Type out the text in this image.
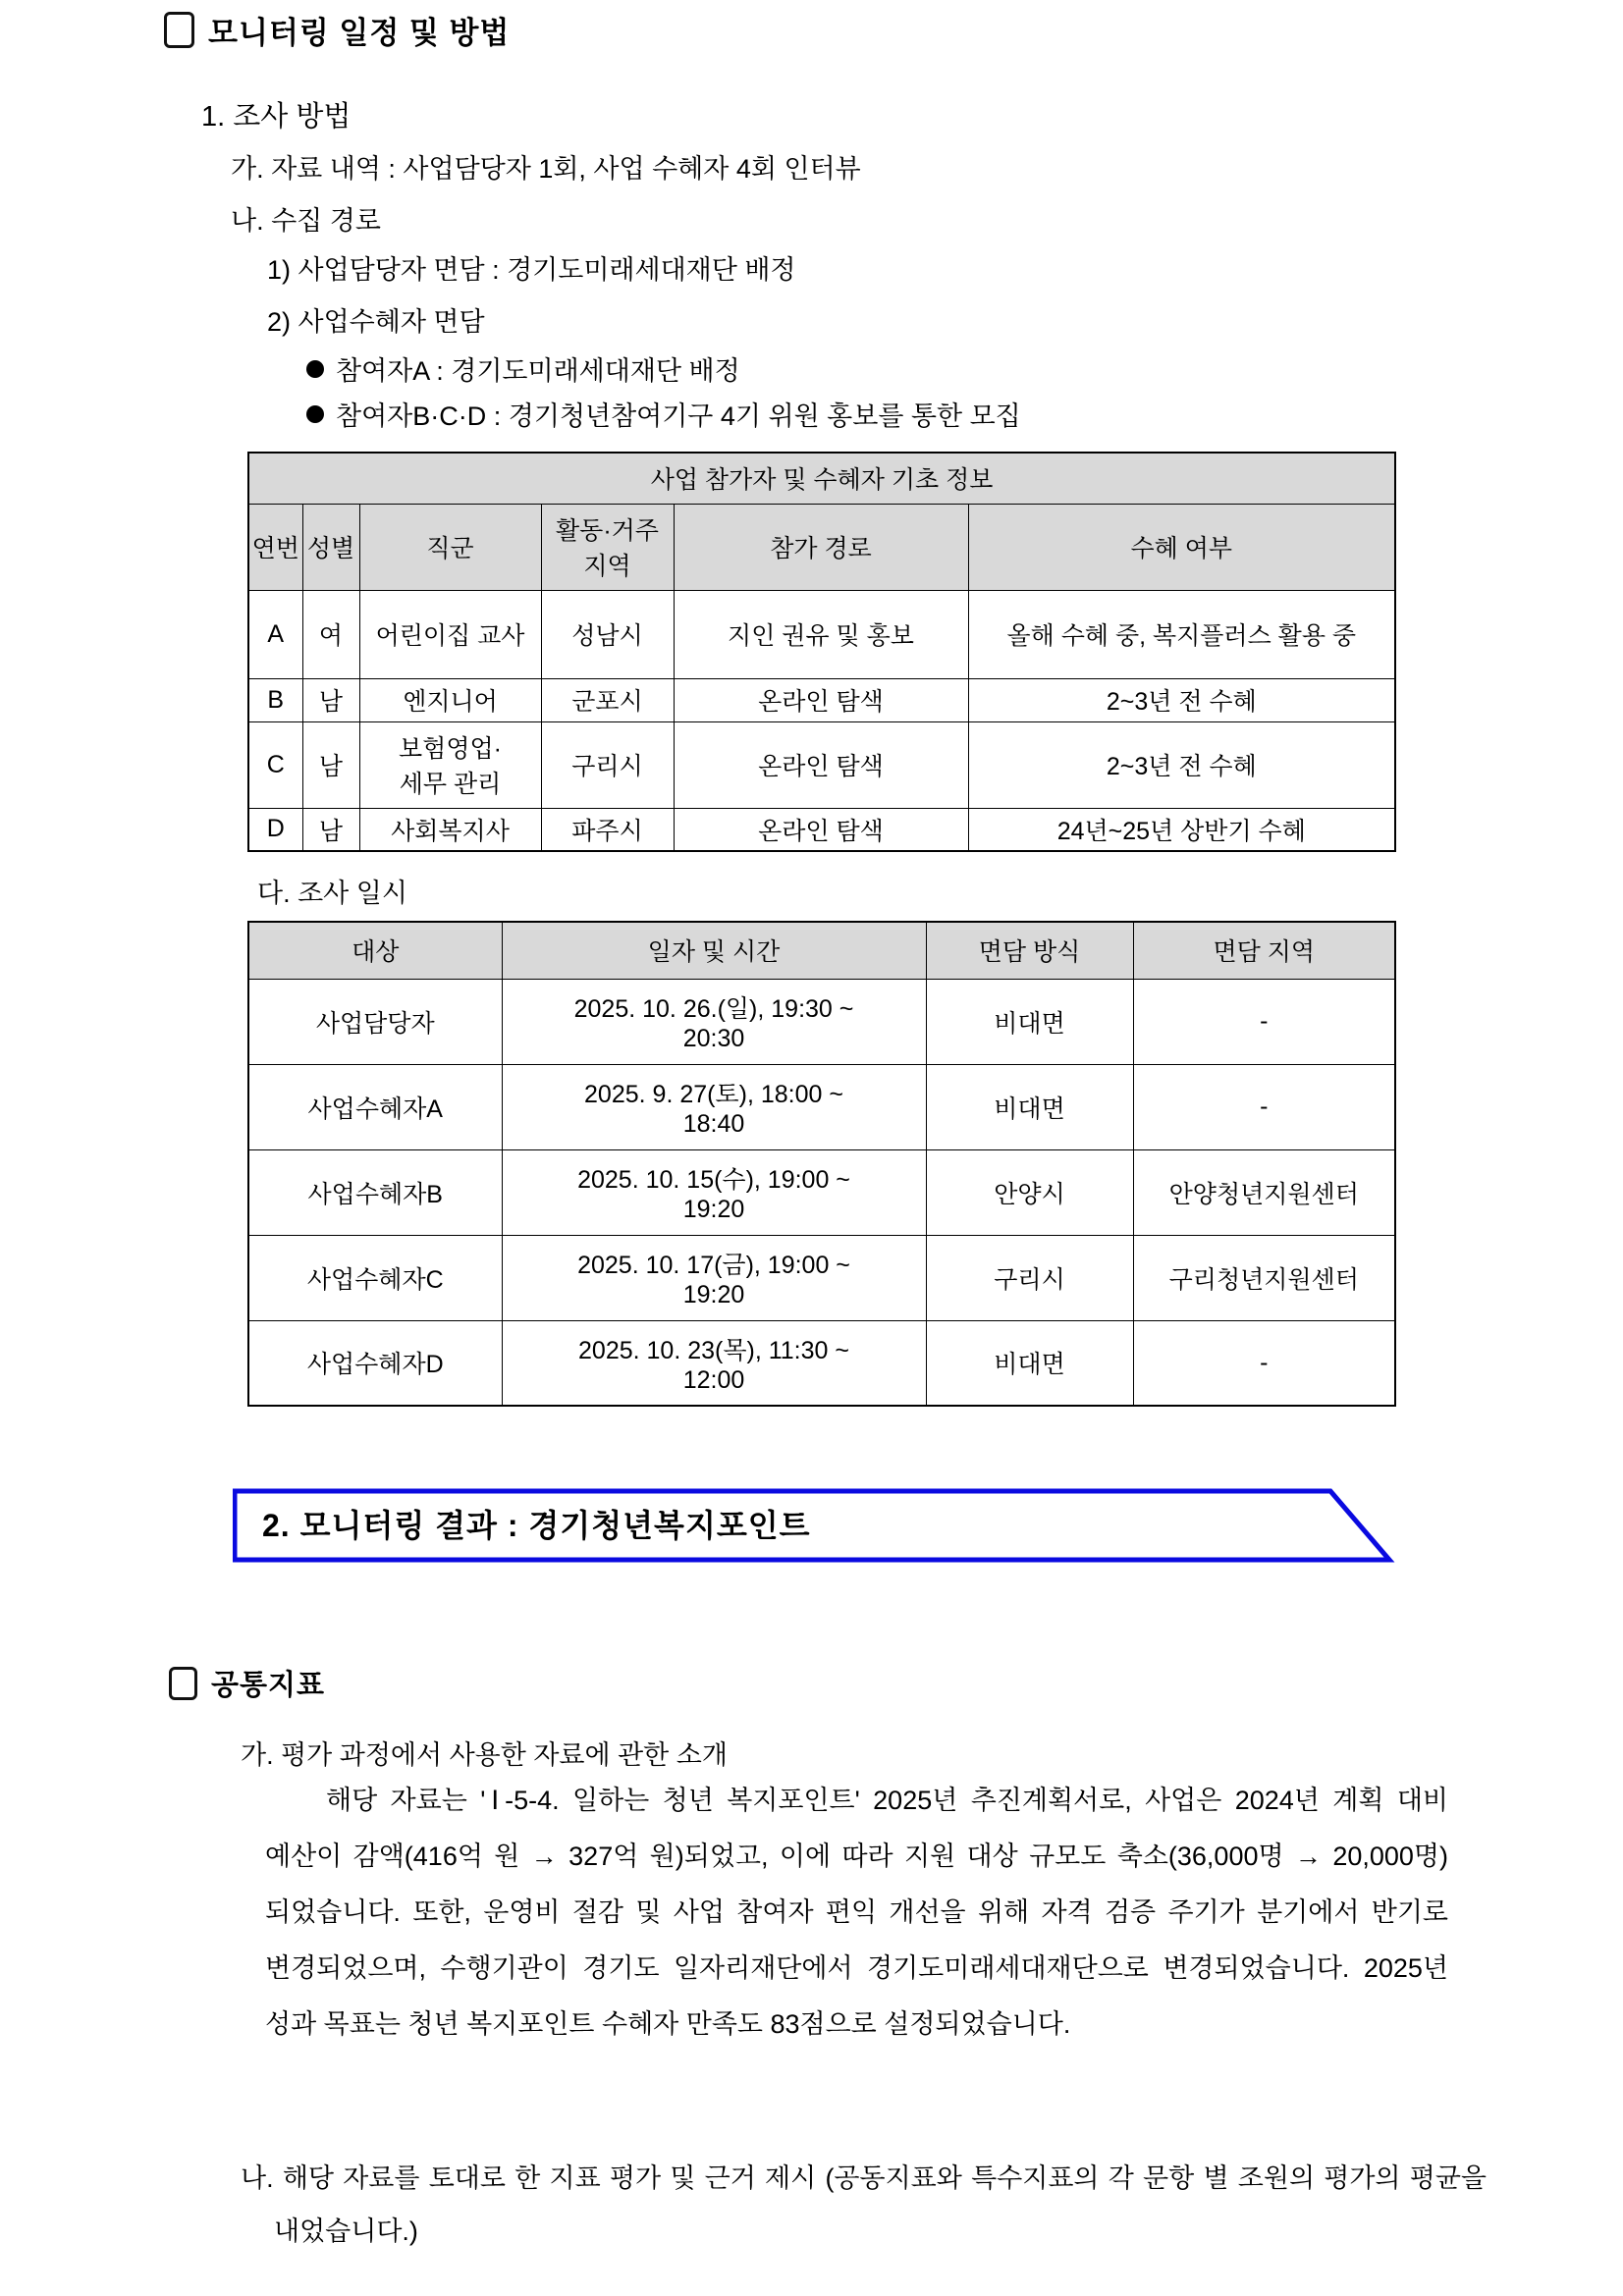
모니터링 일정 및 방법
1. 조사 방법
가. 자료 내역 : 사업담당자 1회, 사업 수혜자 4회 인터뷰
나. 수집 경로
1) 사업담당자 면담 : 경기도미래세대재단 배정
2) 사업수혜자 면담
참여자A : 경기도미래세대재단 배정
참여자B·C·D : 경기청년참여기구 4기 위원 홍보를 통한 모집
사업 참가자 및 수혜자 기초 정보					
연번	성별	직군	활동·거주 지역	참가 경로	수혜 여부
A	여	어린이집 교사	성남시	지인 권유 및 홍보	올해 수혜 중, 복지플러스 활용 중
B	남	엔지니어	군포시	온라인 탐색	2~3년 전 수혜
C	남	보험영업·세무 관리	구리시	온라인 탐색	2~3년 전 수혜
D	남	사회복지사	파주시	온라인 탐색	24년~25년 상반기 수혜
다. 조사 일시
대상	일자 및 시간	면담 방식	면담 지역
사업담당자	2025. 10. 26.(일), 19:30 ~ 20:30	비대면	-
사업수혜자A	2025. 9. 27(토), 18:00 ~ 18:40	비대면	-
사업수혜자B	2025. 10. 15(수), 19:00 ~ 19:20	안양시	안양청년지원센터
사업수혜자C	2025. 10. 17(금), 19:00 ~ 19:20	구리시	구리청년지원센터
사업수혜자D	2025. 10. 23(목), 11:30 ~ 12:00	비대면	-
2. 모니터링 결과 : 경기청년복지포인트
공통지표
가. 평가 과정에서 사용한 자료에 관한 소개
해당 자료는 'Ⅰ-5-4. 일하는 청년 복지포인트' 2025년 추진계획서로, 사업은 2024년 계획 대비 예산이 감액(416억 원 → 327억 원)되었고, 이에 따라 지원 대상 규모도 축소(36,000명 → 20,000명)되었습니다. 또한, 운영비 절감 및 사업 참여자 편익 개선을 위해 자격 검증 주기가 분기에서 반기로 변경되었으며, 수행기관이 경기도 일자리재단에서 경기도미래세대재단으로 변경되었습니다. 2025년 성과 목표는 청년 복지포인트 수혜자 만족도 83점으로 설정되었습니다.
나. 해당 자료를 토대로 한 지표 평가 및 근거 제시 (공동지표와 특수지표의 각 문항 별 조원의 평가의 평균을 내었습니다.)
